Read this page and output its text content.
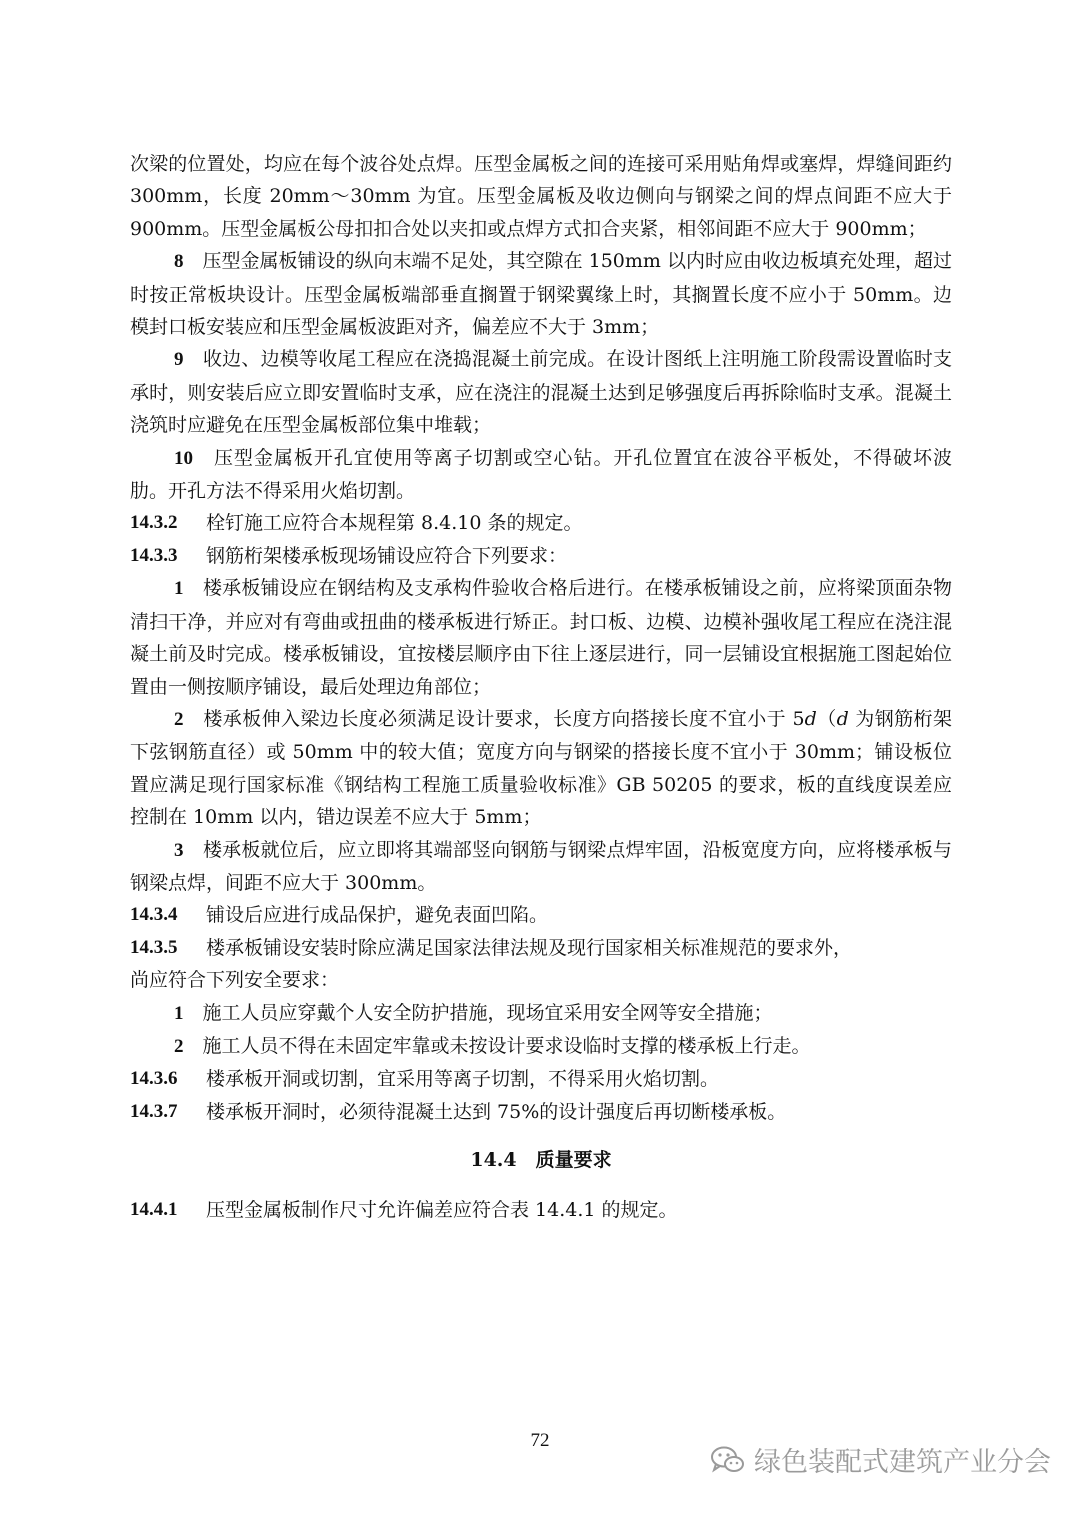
次梁的位置处，均应在每个波谷处点焊。压型金属板之间的连接可采用贴角焊或塞焊，焊缝间距约 300mm，长度 20mm～30mm 为宜。压型金属板及收边侧向与钢梁之间的焊点间距不应大于 900mm。压型金属板公母扣扣合处以夹扣或点焊方式扣合夹紧，相邻间距不应大于 900mm；

8　 压型金属板铺设的纵向末端不足处，其空隙在 150mm 以内时应由收边板填充处理，超过时按正常板块设计。压型金属板端部垂直搁置于钢梁翼缘上时，其搁置长度不应小于 50mm。边模封口板安装应和压型金属板波距对齐，偏差应不大于 3mm；

9　 收边、边模等收尾工程应在浇捣混凝土前完成。在设计图纸上注明施工阶段需设置临时支承时，则安装后应立即安置临时支承，应在浇注的混凝土达到足够强度后再拆除临时支承。混凝土浇筑时应避免在压型金属板部位集中堆载；

10　 压型金属板开孔宜使用等离子切割或空心钻。开孔位置宜在波谷平板处，不得破坏波肋。开孔方法不得采用火焰切割。

14.3.2	栓钉施工应符合本规程第 8.4.10 条的规定。
14.3.3	钢筋桁架楼承板现场铺设应符合下列要求：

1　 楼承板铺设应在钢结构及支承构件验收合格后进行。在楼承板铺设之前，应将梁顶面杂物清扫干净，并应对有弯曲或扭曲的楼承板进行矫正。封口板、边模、边模补强收尾工程应在浇注混凝土前及时完成。楼承板铺设，宜按楼层顺序由下往上逐层进行，同一层铺设宜根据施工图起始位置由一侧按顺序铺设，最后处理边角部位；

2　 楼承板伸入梁边长度必须满足设计要求，长度方向搭接长度不宜小于 5d（d 为钢筋桁架下弦钢筋直径）或 50mm 中的较大值；宽度方向与钢梁的搭接长度不宜小于 30mm；铺设板位置应满足现行国家标准《钢结构工程施工质量验收标准》GB 50205 的要求，板的直线度误差应控制在 10mm 以内，错边误差不应大于 5mm；

3　 楼承板就位后，应立即将其端部竖向钢筋与钢梁点焊牢固，沿板宽度方向，应将楼承板与钢梁点焊，间距不应大于 300mm。

14.3.4	铺设后应进行成品保护，避免表面凹陷。
14.3.5	楼承板铺设安装时除应满足国家法律法规及现行国家相关标准规范的要求外，

尚应符合下列安全要求：

1　 施工人员应穿戴个人安全防护措施，现场宜采用安全网等安全措施；

2　 施工人员不得在未固定牢靠或未按设计要求设临时支撑的楼承板上行走。

14.3.6	楼承板开洞或切割，宜采用等离子切割，不得采用火焰切割。
14.3.7	楼承板开洞时，必须待混凝土达到 75%的设计强度后再切断楼承板。
14.4　质量要求
14.4.1	压型金属板制作尺寸允许偏差应符合表 14.4.1 的规定。
72
绿色装配式建筑产业分会
